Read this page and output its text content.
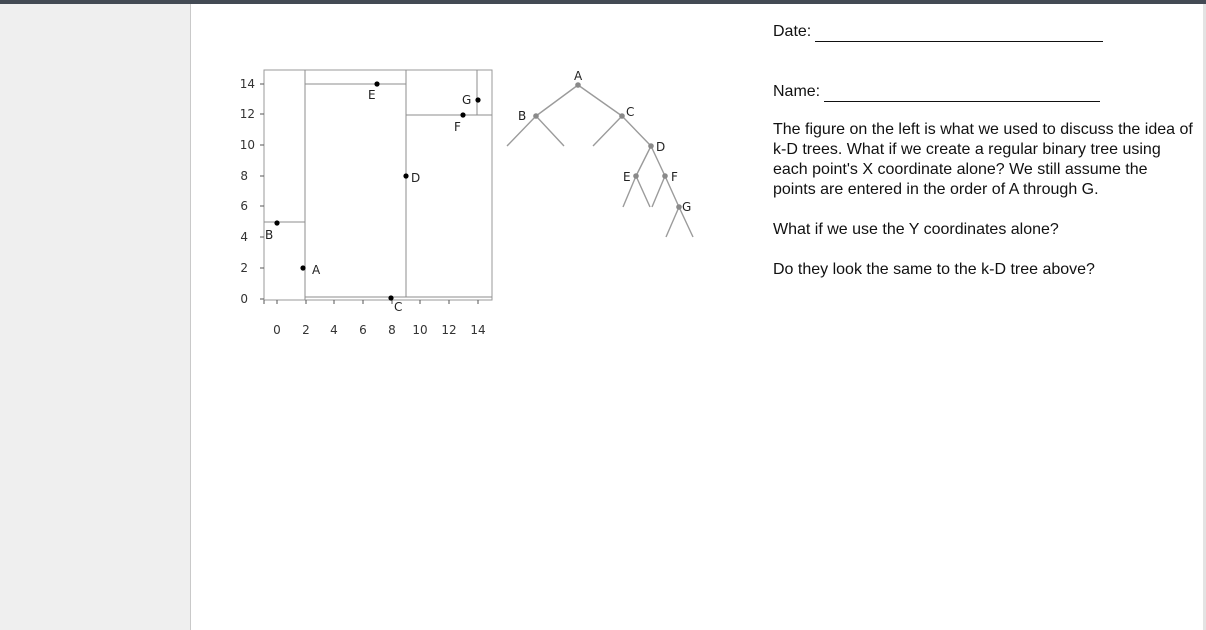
0
2
4
6
8
10
12
14
0 2 4 6 8 10 12 14
A
B
C
D
E
F
G
A
B	C
D
E	F
G
Date:
Name:

The figure on the left is what we used to discuss the idea of k-D trees. What if we create a regular binary tree using each point's X coordinate alone? We still assume the points are entered in the order of A through G.

What if we use the Y coordinates alone?

Do they look the same to the k-D tree above?
